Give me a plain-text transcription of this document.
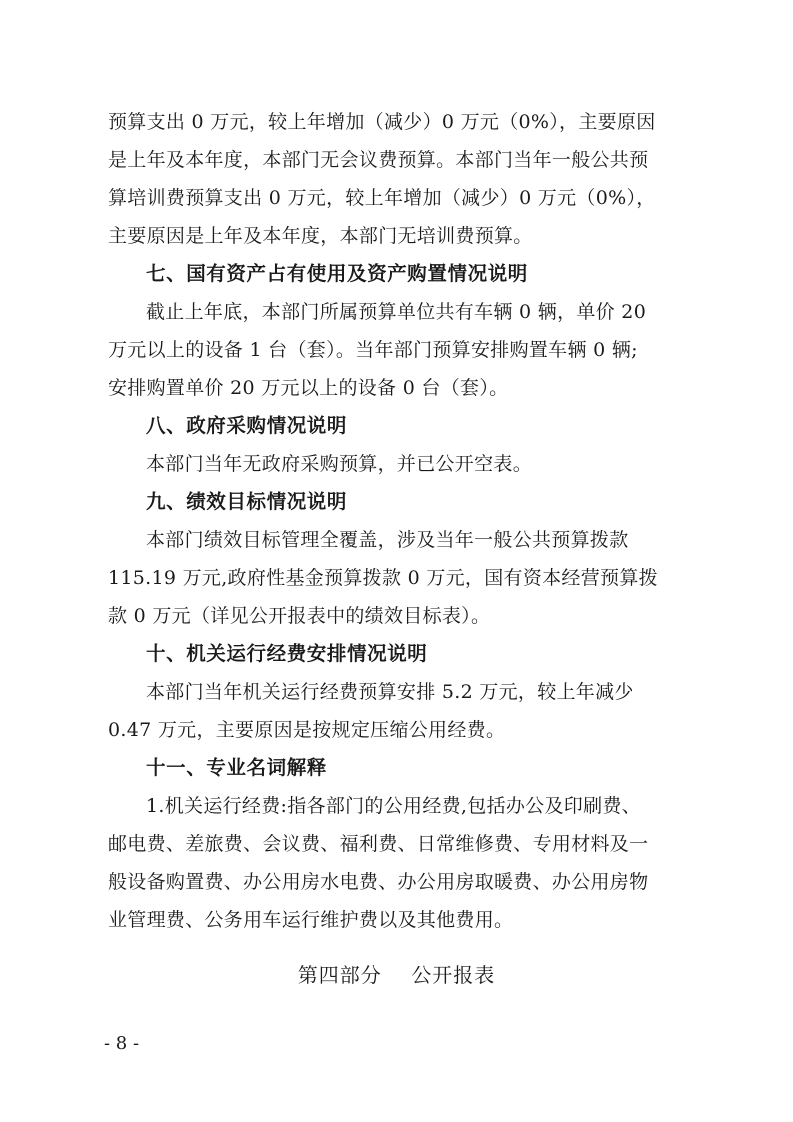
预算支出 0 万元，较上年增加（减少）0 万元（0%），主要原因
是上年及本年度，本部门无会议费预算。本部门当年一般公共预
算培训费预算支出 0 万元，较上年增加（减少）0 万元（0%），
主要原因是上年及本年度，本部门无培训费预算。
七、国有资产占有使用及资产购置情况说明
截止上年底，本部门所属预算单位共有车辆 0 辆，单价 20
万元以上的设备 1 台（套）。当年部门预算安排购置车辆 0 辆;
安排购置单价 20 万元以上的设备 0 台（套）。
八、政府采购情况说明
本部门当年无政府采购预算，并已公开空表。
九、绩效目标情况说明
本部门绩效目标管理全覆盖，涉及当年一般公共预算拨款
115.19 万元,政府性基金预算拨款 0 万元，国有资本经营预算拨
款 0 万元（详见公开报表中的绩效目标表）。
十、机关运行经费安排情况说明
本部门当年机关运行经费预算安排 5.2 万元，较上年减少
0.47 万元，主要原因是按规定压缩公用经费。
十一、专业名词解释
1.机关运行经费:指各部门的公用经费,包括办公及印刷费、
邮电费、差旅费、会议费、福利费、日常维修费、专用材料及一
般设备购置费、办公用房水电费、办公用房取暖费、办公用房物
业管理费、公务用车运行维护费以及其他费用。
第四部分    公开报表
- 8 -
